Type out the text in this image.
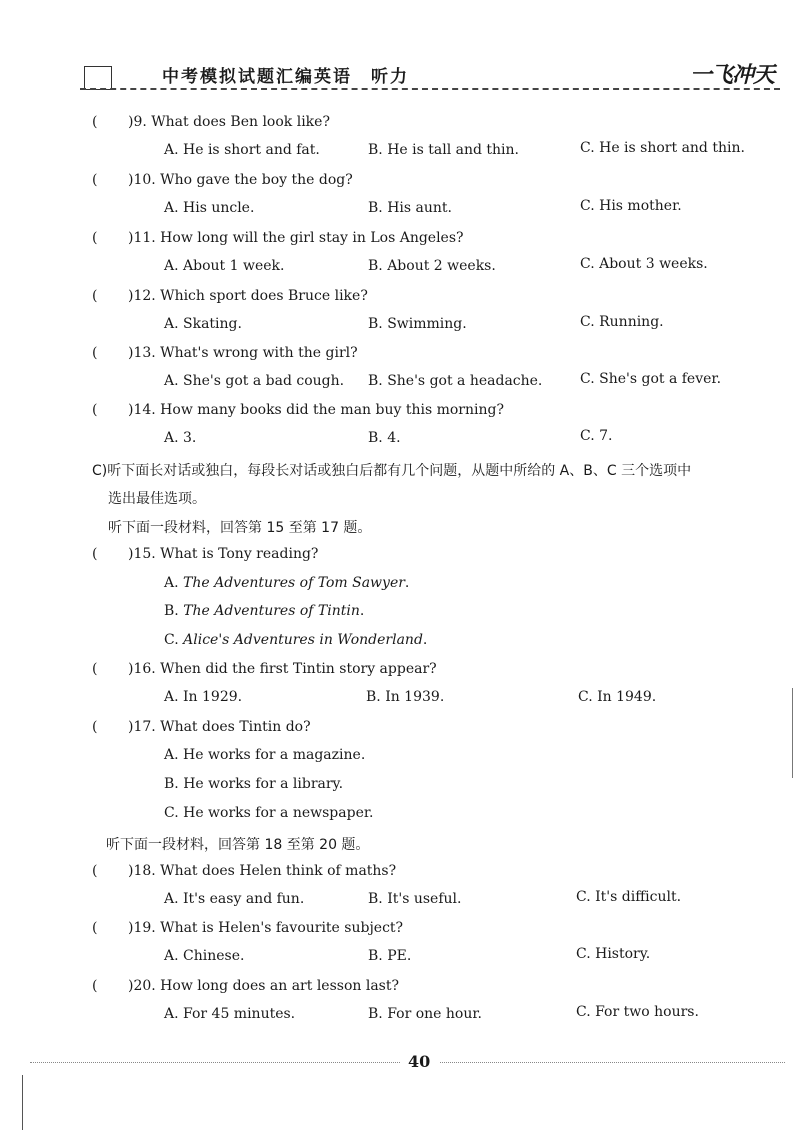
中考模拟试题汇编英语　听力	一飞冲天
( )9. What does Ben look like?
A. He is short and fat.	B. He is tall and thin.	C. He is short and thin.
( )10. Who gave the boy the dog?
A. His uncle.	B. His aunt.	C. His mother.
( )11. How long will the girl stay in Los Angeles?
A. About 1 week.	B. About 2 weeks.	C. About 3 weeks.
( )12. Which sport does Bruce like?
A. Skating.	B. Swimming.	C. Running.
( )13. What's wrong with the girl?
A. She's got a bad cough. B. She's got a headache.	C. She's got a fever.
( )14. How many books did the man buy this morning?
A. 3.	B. 4.	C. 7.
C)听下面长对话或独白，每段长对话或独白后都有几个问题，从题中所给的 A、B、C 三个选项中
选出最佳选项。
听下面一段材料，回答第 15 至第 17 题。
( )15. What is Tony reading?
A. The Adventures of Tom Sawyer.
B. The Adventures of Tintin.
C. Alice's Adventures in Wonderland.
( )16. When did the first Tintin story appear?
A. In 1929.	B. In 1939.	C. In 1949.
( )17. What does Tintin do?
A. He works for a magazine.
B. He works for a library.
C. He works for a newspaper.
听下面一段材料，回答第 18 至第 20 题。
( )18. What does Helen think of maths?
A. It's easy and fun.	B. It's useful.	C. It's difficult.
( )19. What is Helen's favourite subject?
A. Chinese.	B. PE.	C. History.
( )20. How long does an art lesson last?
A. For 45 minutes.	B. For one hour.	C. For two hours.
40
